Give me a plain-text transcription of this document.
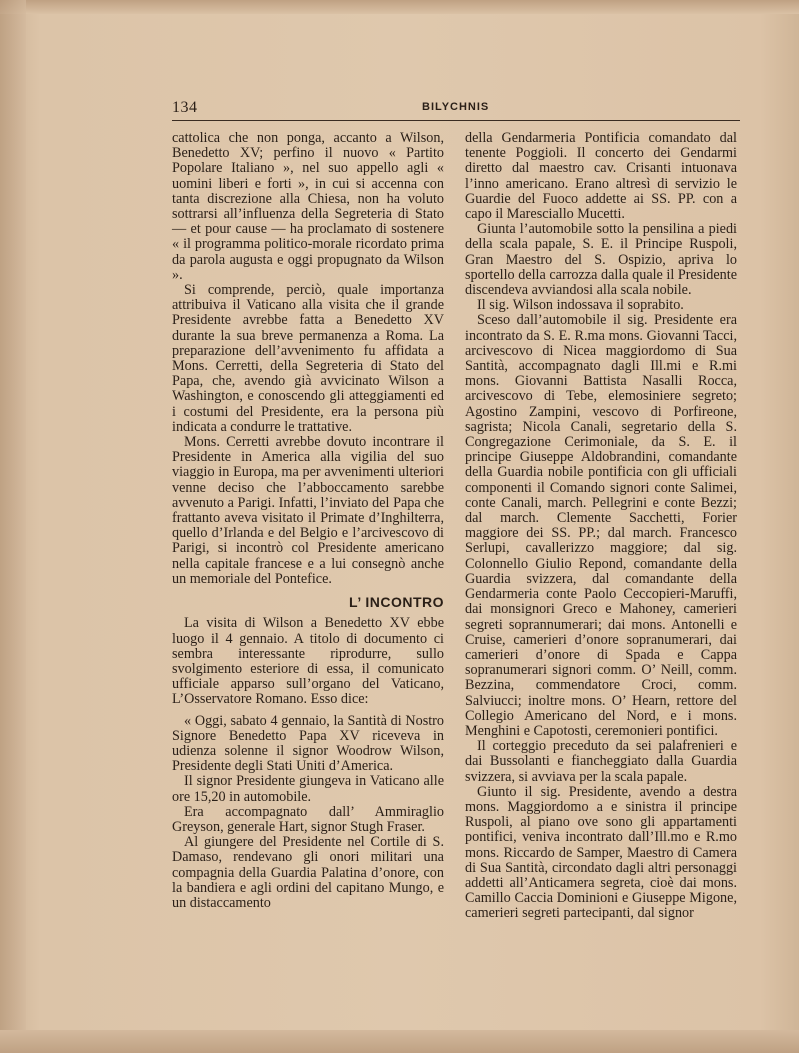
134	BILYCHNIS

cattolica che non ponga, accanto a Wilson, Benedetto XV; perfino il nuovo « Partito Popolare Italiano », nel suo appello agli « uomini liberi e forti », in cui si accenna con tanta discrezione alla Chiesa, non ha voluto sottrarsi all’influenza della Segreteria di Stato — et pour cause — ha proclamato di sostenere « il programma politico-morale ricordato prima da parola augusta e oggi propugnato da Wilson ».

Si comprende, perciò, quale importanza attribuiva il Vaticano alla visita che il grande Presidente avrebbe fatta a Benedetto XV durante la sua breve permanenza a Roma. La preparazione dell’avvenimento fu affidata a Mons. Cerretti, della Segreteria di Stato del Papa, che, avendo già avvicinato Wilson a Washington, e conoscendo gli atteggiamenti ed i costumi del Presidente, era la persona più indicata a condurre le trattative.

Mons. Cerretti avrebbe dovuto incontrare il Presidente in America alla vigilia del suo viaggio in Europa, ma per avvenimenti ulteriori venne deciso che l’abboccamento sarebbe avvenuto a Parigi. Infatti, l’inviato del Papa che frattanto aveva visitato il Primate d’Inghilterra, quello d’Irlanda e del Belgio e l’arcivescovo di Parigi, si incontrò col Presidente americano nella capitale francese e a lui consegnò anche un memoriale del Pontefice.

L’ INCONTRO

La visita di Wilson a Benedetto XV ebbe luogo il 4 gennaio. A titolo di documento ci sembra interessante riprodurre, sullo svolgimento esteriore di essa, il comunicato ufficiale apparso sull’organo del Vaticano, L’Osservatore Romano. Esso dice:

« Oggi, sabato 4 gennaio, la Santità di Nostro Signore Benedetto Papa XV riceveva in udienza solenne il signor Woodrow Wilson, Presidente degli Stati Uniti d’America.

Il signor Presidente giungeva in Vaticano alle ore 15,20 in automobile.

Era accompagnato dall’ Ammiraglio Greyson, generale Hart, signor Stugh Fraser.

Al giungere del Presidente nel Cortile di S. Damaso, rendevano gli onori militari una compagnia della Guardia Palatina d’onore, con la bandiera e agli ordini del capitano Mungo, e un distaccamento

della Gendarmeria Pontificia comandato dal tenente Poggioli. Il concerto dei Gendarmi diretto dal maestro cav. Crisanti intuonava l’inno americano. Erano altresì di servizio le Guardie del Fuoco addette ai SS. PP. con a capo il Maresciallo Mucetti.

Giunta l’automobile sotto la pensilina a piedi della scala papale, S. E. il Principe Ruspoli, Gran Maestro del S. Ospizio, apriva lo sportello della carrozza dalla quale il Presidente discendeva avviandosi alla scala nobile.

Il sig. Wilson indossava il soprabito.

Sceso dall’automobile il sig. Presidente era incontrato da S. E. R.ma mons. Giovanni Tacci, arcivescovo di Nicea maggiordomo di Sua Santità, accompagnato dagli Ill.mi e R.mi mons. Giovanni Battista Nasalli Rocca, arcivescovo di Tebe, elemosiniere segreto; Agostino Zampini, vescovo di Porfireone, sagrista; Nicola Canali, segretario della S. Congregazione Cerimoniale, da S. E. il principe Giuseppe Aldobrandini, comandante della Guardia nobile pontificia con gli ufficiali componenti il Comando signori conte Salimei, conte Canali, march. Pellegrini e conte Bezzi; dal march. Clemente Sacchetti, Forier maggiore dei SS. PP.; dal march. Francesco Serlupi, cavallerizzo maggiore; dal sig. Colonnello Giulio Repond, comandante della Guardia svizzera, dal comandante della Gendarmeria conte Paolo Ceccopieri-Maruffi, dai monsignori Greco e Mahoney, camerieri segreti soprannumerari; dai mons. Antonelli e Cruise, camerieri d’onore sopranumerari, dai camerieri d’onore di Spada e Cappa sopranumerari signori comm. O’ Neill, comm. Bezzina, commendatore Croci, comm. Salviucci; inoltre mons. O’ Hearn, rettore del Collegio Americano del Nord, e i mons. Menghini e Capotosti, ceremonieri pontifici.

Il corteggio preceduto da sei palafrenieri e dai Bussolanti e fiancheggiato dalla Guardia svizzera, si avviava per la scala papale.

Giunto il sig. Presidente, avendo a destra mons. Maggiordomo a e sinistra il principe Ruspoli, al piano ove sono gli appartamenti pontifici, veniva incontrato dall’Ill.mo e R.mo mons. Riccardo de Samper, Maestro di Camera di Sua Santità, circondato dagli altri personaggi addetti all’Anticamera segreta, cioè dai mons. Camillo Caccia Dominioni e Giuseppe Migone, camerieri segreti partecipanti, dal signor
